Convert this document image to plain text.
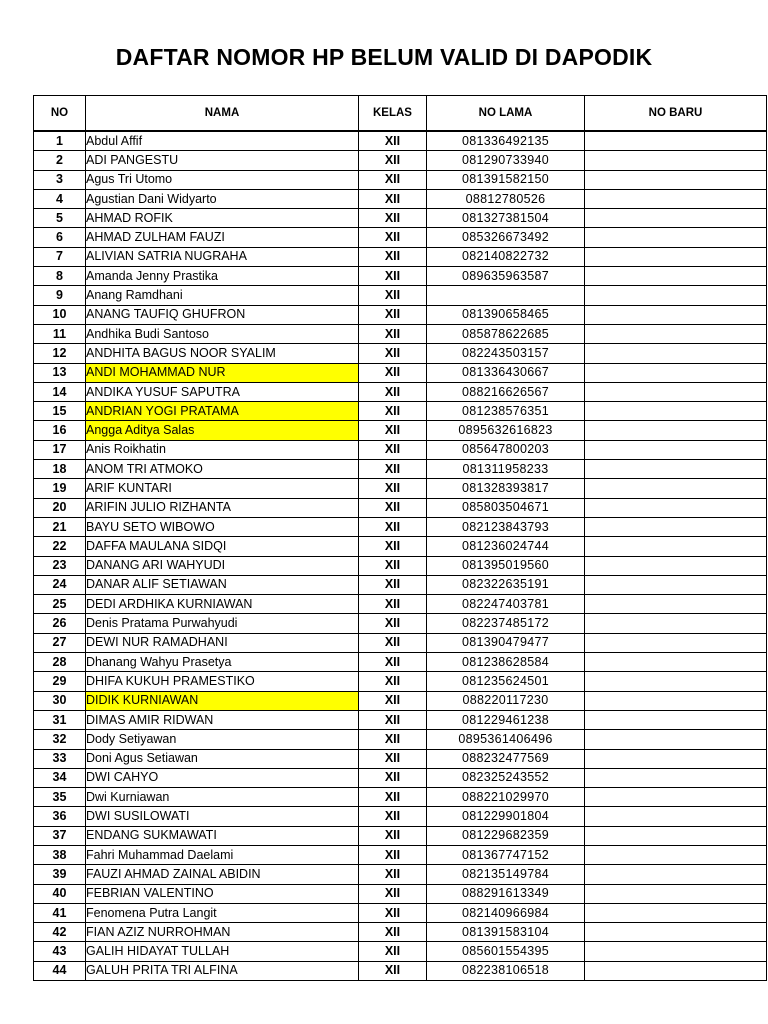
DAFTAR NOMOR HP BELUM VALID DI DAPODIK
NO	NAMA	KELAS	NO LAMA	NO BARU
1	Abdul Affif	XII	081336492135	
2	ADI PANGESTU	XII	081290733940	
3	Agus Tri Utomo	XII	081391582150	
4	Agustian Dani Widyarto	XII	08812780526	
5	AHMAD ROFIK	XII	081327381504	
6	AHMAD ZULHAM FAUZI	XII	085326673492	
7	ALIVIAN SATRIA NUGRAHA	XII	082140822732	
8	Amanda Jenny Prastika	XII	089635963587	
9	Anang Ramdhani	XII		
10	ANANG TAUFIQ GHUFRON	XII	081390658465	
11	Andhika Budi Santoso	XII	085878622685	
12	ANDHITA BAGUS NOOR SYALIM	XII	082243503157	
13	ANDI MOHAMMAD NUR	XII	081336430667	
14	ANDIKA YUSUF SAPUTRA	XII	088216626567	
15	ANDRIAN YOGI PRATAMA	XII	081238576351	
16	Angga Aditya Salas	XII	0895632616823	
17	Anis Roikhatin	XII	085647800203	
18	ANOM TRI ATMOKO	XII	081311958233	
19	ARIF KUNTARI	XII	081328393817	
20	ARIFIN JULIO RIZHANTA	XII	085803504671	
21	BAYU SETO WIBOWO	XII	082123843793	
22	DAFFA MAULANA SIDQI	XII	081236024744	
23	DANANG ARI WAHYUDI	XII	081395019560	
24	DANAR ALIF SETIAWAN	XII	082322635191	
25	DEDI ARDHIKA KURNIAWAN	XII	082247403781	
26	Denis Pratama Purwahyudi	XII	082237485172	
27	DEWI NUR RAMADHANI	XII	081390479477	
28	Dhanang Wahyu Prasetya	XII	081238628584	
29	DHIFA KUKUH PRAMESTIKO	XII	081235624501	
30	DIDIK KURNIAWAN	XII	088220117230	
31	DIMAS AMIR RIDWAN	XII	081229461238	
32	Dody Setiyawan	XII	0895361406496	
33	Doni Agus Setiawan	XII	088232477569	
34	DWI CAHYO	XII	082325243552	
35	Dwi Kurniawan	XII	088221029970	
36	DWI SUSILOWATI	XII	081229901804	
37	ENDANG SUKMAWATI	XII	081229682359	
38	Fahri Muhammad Daelami	XII	081367747152	
39	FAUZI AHMAD ZAINAL ABIDIN	XII	082135149784	
40	FEBRIAN VALENTINO	XII	088291613349	
41	Fenomena Putra Langit	XII	082140966984	
42	FIAN AZIZ NURROHMAN	XII	081391583104	
43	GALIH HIDAYAT TULLAH	XII	085601554395	
44	GALUH PRITA TRI ALFINA	XII	082238106518	
